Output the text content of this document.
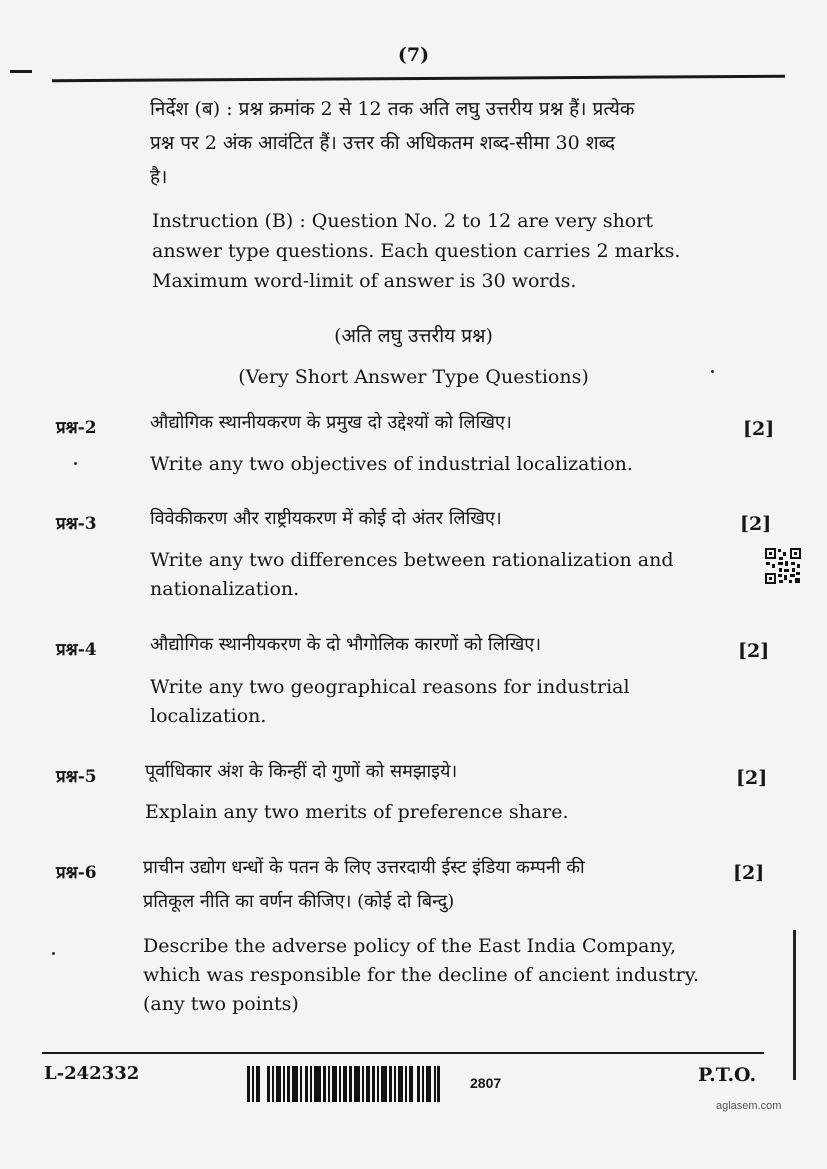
(7)
निर्देश (ब) : प्रश्न क्रमांक 2 से 12 तक अति लघु उत्तरीय प्रश्न हैं। प्रत्येक
प्रश्न पर 2 अंक आवंटित हैं। उत्तर की अधिकतम शब्द-सीमा 30 शब्द
है।
Instruction (B) : Question No. 2 to 12 are very short
answer type questions. Each question carries 2 marks.
Maximum word-limit of answer is 30 words.
(अति लघु उत्तरीय प्रश्न)
(Very Short Answer Type Questions)
प्रश्न-2	[2]
औद्योगिक स्थानीयकरण के प्रमुख दो उद्देश्यों को लिखिए।
Write any two objectives of industrial localization.
प्रश्न-3	[2]
विवेकीकरण और राष्ट्रीयकरण में कोई दो अंतर लिखिए।
Write any two differences between rationalization and
nationalization.
प्रश्न-4	[2]
औद्योगिक स्थानीयकरण के दो भौगोलिक कारणों को लिखिए।
Write any two geographical reasons for industrial
localization.
प्रश्न-5	[2]
पूर्वाधिकार अंश के किन्हीं दो गुणों को समझाइये।
Explain any two merits of preference share.
प्रश्न-6	[2]
प्राचीन उद्योग धन्धों के पतन के लिए उत्तरदायी ईस्ट इंडिया कम्पनी की
प्रतिकूल नीति का वर्णन कीजिए। (कोई दो बिन्दु)
Describe the adverse policy of the East India Company,
which was responsible for the decline of ancient industry.
(any two points)
L-242332	2807	P.T.O.
aglasem.com
